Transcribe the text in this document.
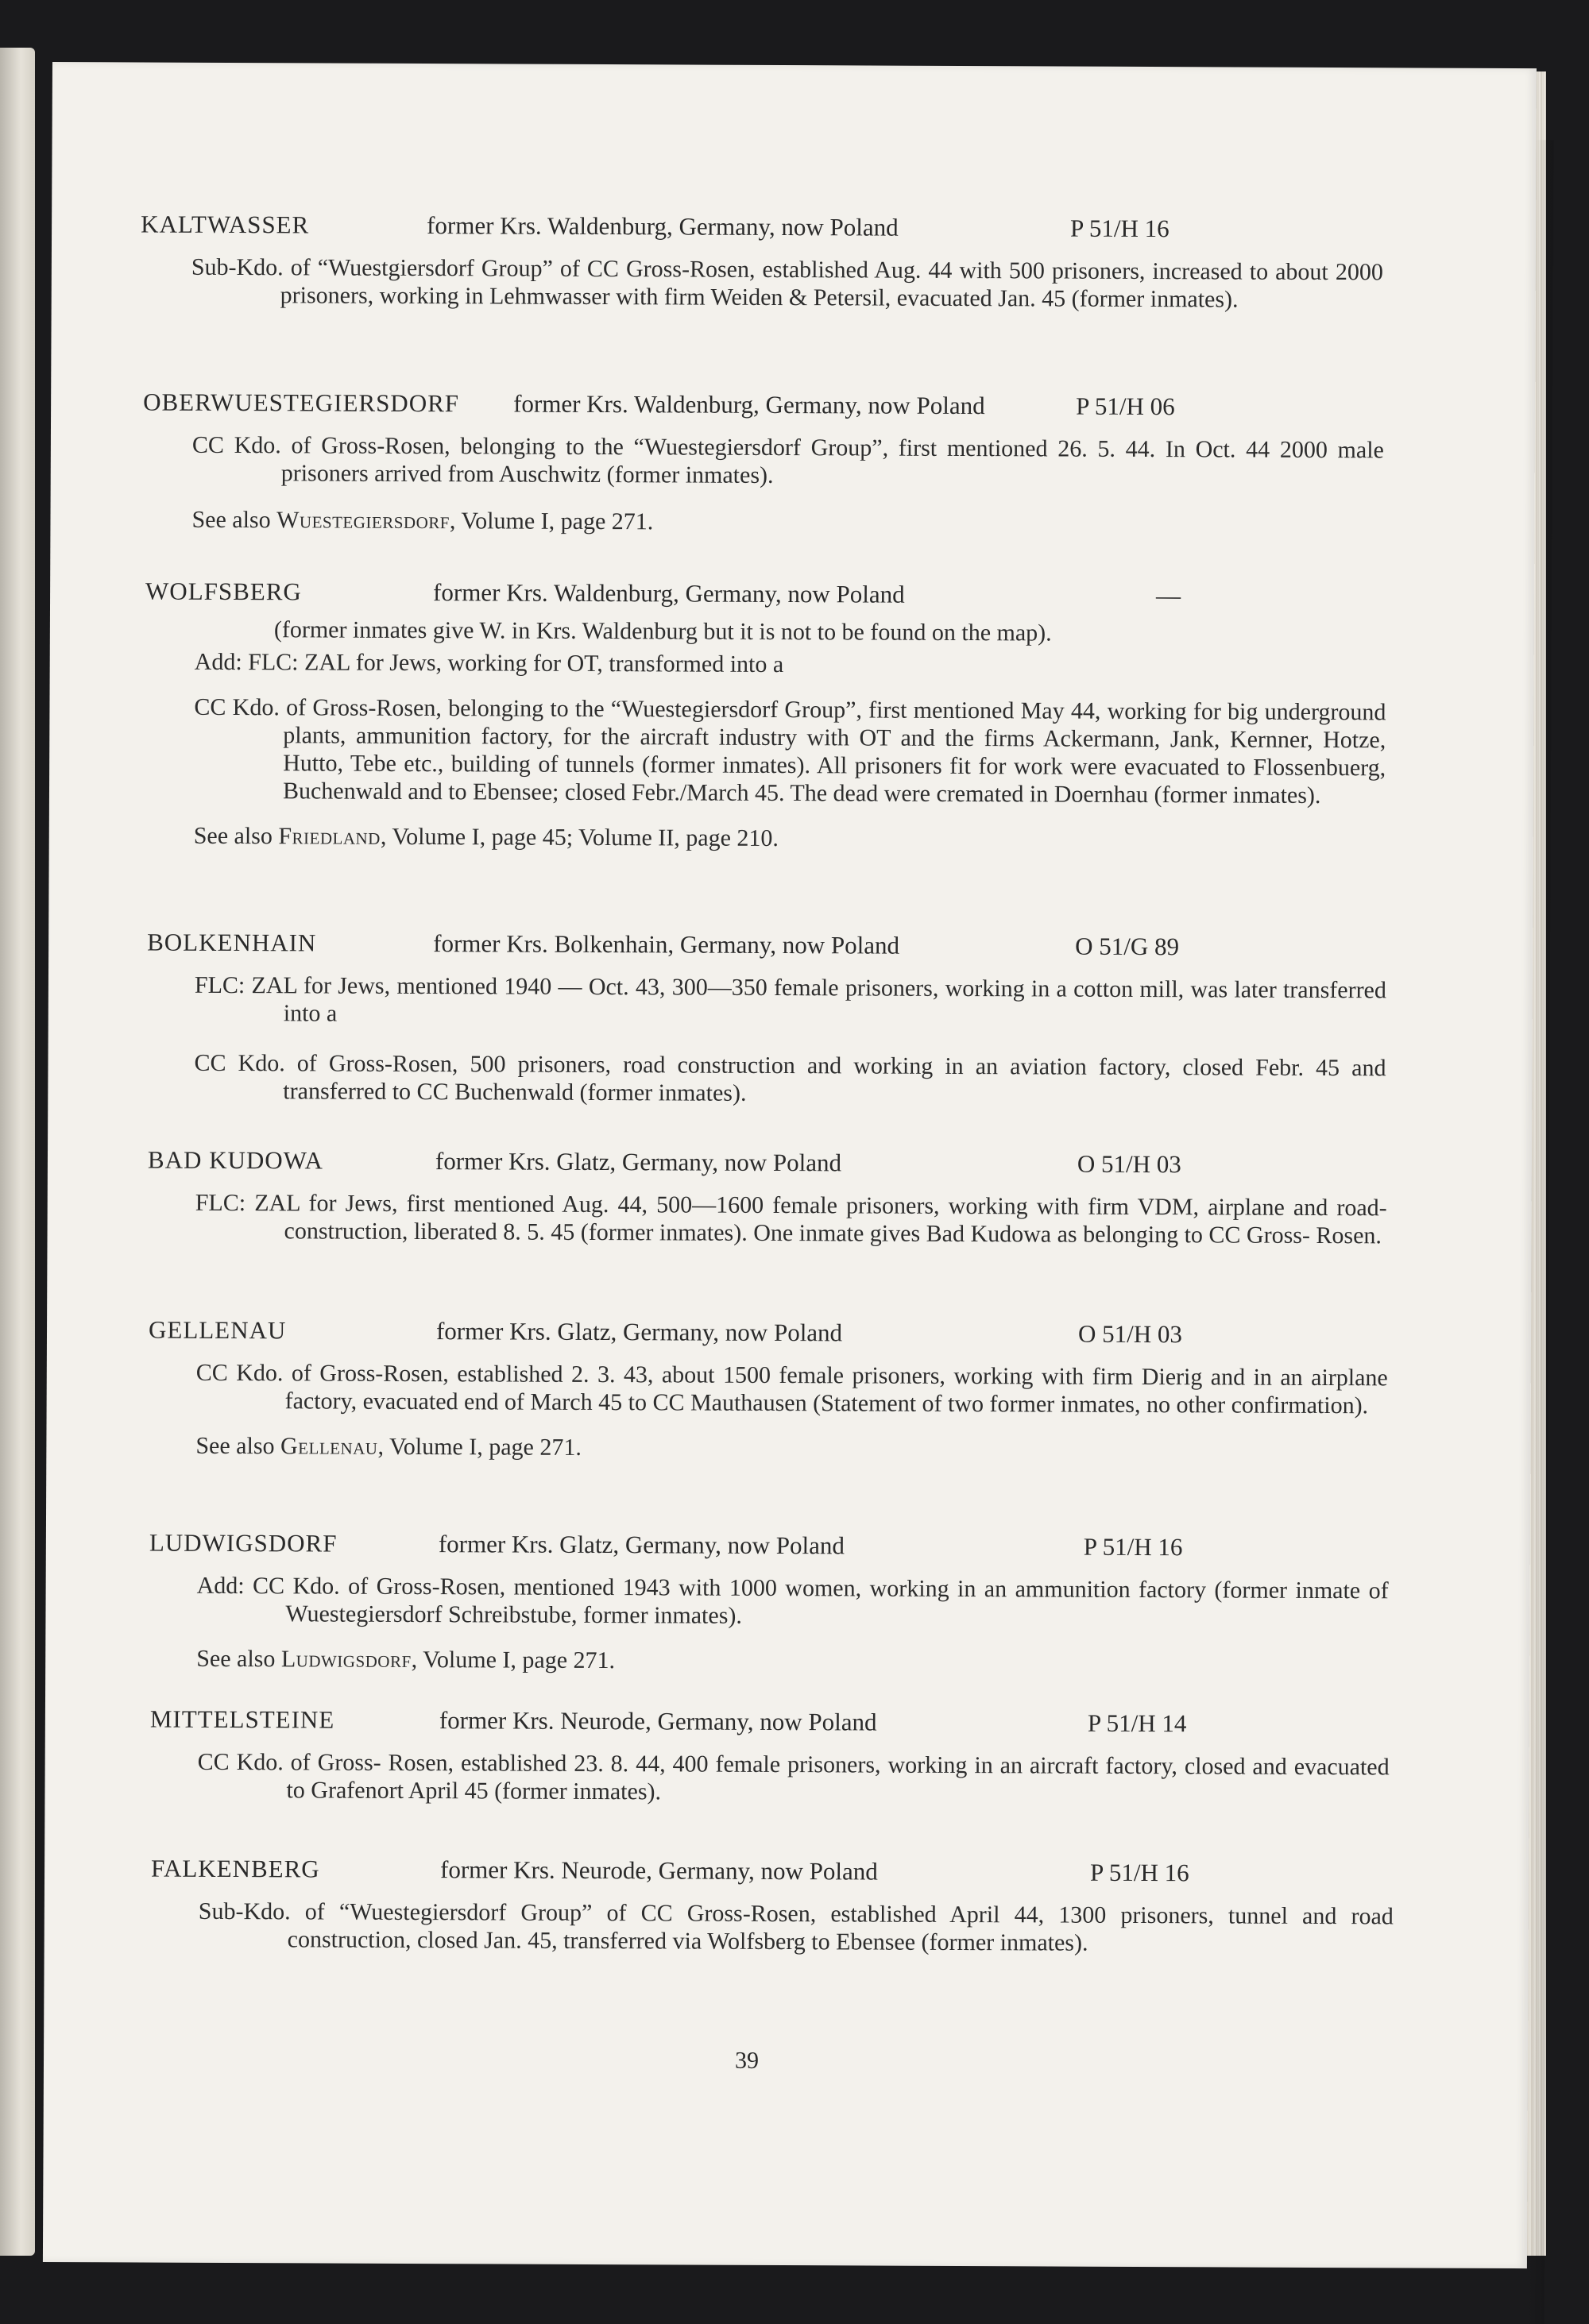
KALTWASSER	former Krs. Waldenburg, Germany, now Poland	P 51/H 16
Sub-Kdo. of “Wuestgiersdorf Group” of CC Gross-Rosen, established Aug. 44 with 500 prisoners, increased to about 2000 prisoners, working in Lehmwasser with firm Weiden & Petersil, evacuated Jan. 45 (former inmates).
OBERWUESTEGIERSDORF former Krs. Waldenburg, Germany, now Poland	P 51/H 06
CC Kdo. of Gross-Rosen, belonging to the “Wuestegiersdorf Group”, first mentioned 26. 5. 44. In Oct. 44 2000 male prisoners arrived from Auschwitz (former inmates).
See also Wuestegiersdorf, Volume I, page 271.
WOLFSBERG	former Krs. Waldenburg, Germany, now Poland	—
(former inmates give W. in Krs. Waldenburg but it is not to be found on the map).
Add: FLC: ZAL for Jews, working for OT, transformed into a
CC Kdo. of Gross-Rosen, belonging to the “Wuestegiersdorf Group”, first mentioned May 44, working for big underground plants, ammunition factory, for the aircraft industry with OT and the firms Ackermann, Jank, Kernner, Hotze, Hutto, Tebe etc., building of tunnels (former inmates). All prisoners fit for work were evacuated to Flossenbuerg, Buchenwald and to Ebensee; closed Febr./March 45. The dead were cremated in Doernhau (former inmates).
See also Friedland, Volume I, page 45; Volume II, page 210.
BOLKENHAIN	former Krs. Bolkenhain, Germany, now Poland	O 51/G 89
FLC: ZAL for Jews, mentioned 1940 — Oct. 43, 300—350 female prisoners, working in a cotton mill, was later transferred into a
CC Kdo. of Gross-Rosen, 500 prisoners, road construction and working in an aviation factory, closed Febr. 45 and transferred to CC Buchenwald (former inmates).
BAD KUDOWA	former Krs. Glatz, Germany, now Poland	O 51/H 03
FLC: ZAL for Jews, first mentioned Aug. 44, 500—1600 female prisoners, working with firm VDM, airplane and road-construction, liberated 8. 5. 45 (former inmates). One inmate gives Bad Kudowa as belonging to CC Gross- Rosen.
GELLENAU	former Krs. Glatz, Germany, now Poland	O 51/H 03
CC Kdo. of Gross-Rosen, established 2. 3. 43, about 1500 female prisoners, working with firm Dierig and in an airplane factory, evacuated end of March 45 to CC Mauthausen (Statement of two former inmates, no other confirmation).
See also Gellenau, Volume I, page 271.
LUDWIGSDORF	former Krs. Glatz, Germany, now Poland	P 51/H 16
Add: CC Kdo. of Gross-Rosen, mentioned 1943 with 1000 women, working in an ammunition factory (former inmate of Wuestegiersdorf Schreibstube, former inmates).
See also Ludwigsdorf, Volume I, page 271.
MITTELSTEINE	former Krs. Neurode, Germany, now Poland	P 51/H 14
CC Kdo. of Gross- Rosen, established 23. 8. 44, 400 female prisoners, working in an aircraft factory, closed and evacuated to Grafenort April 45 (former inmates).
FALKENBERG	former Krs. Neurode, Germany, now Poland	P 51/H 16
Sub-Kdo. of “Wuestegiersdorf Group” of CC Gross-Rosen, established April 44, 1300 prisoners, tunnel and road construction, closed Jan. 45, transferred via Wolfsberg to Ebensee (former inmates).
39
